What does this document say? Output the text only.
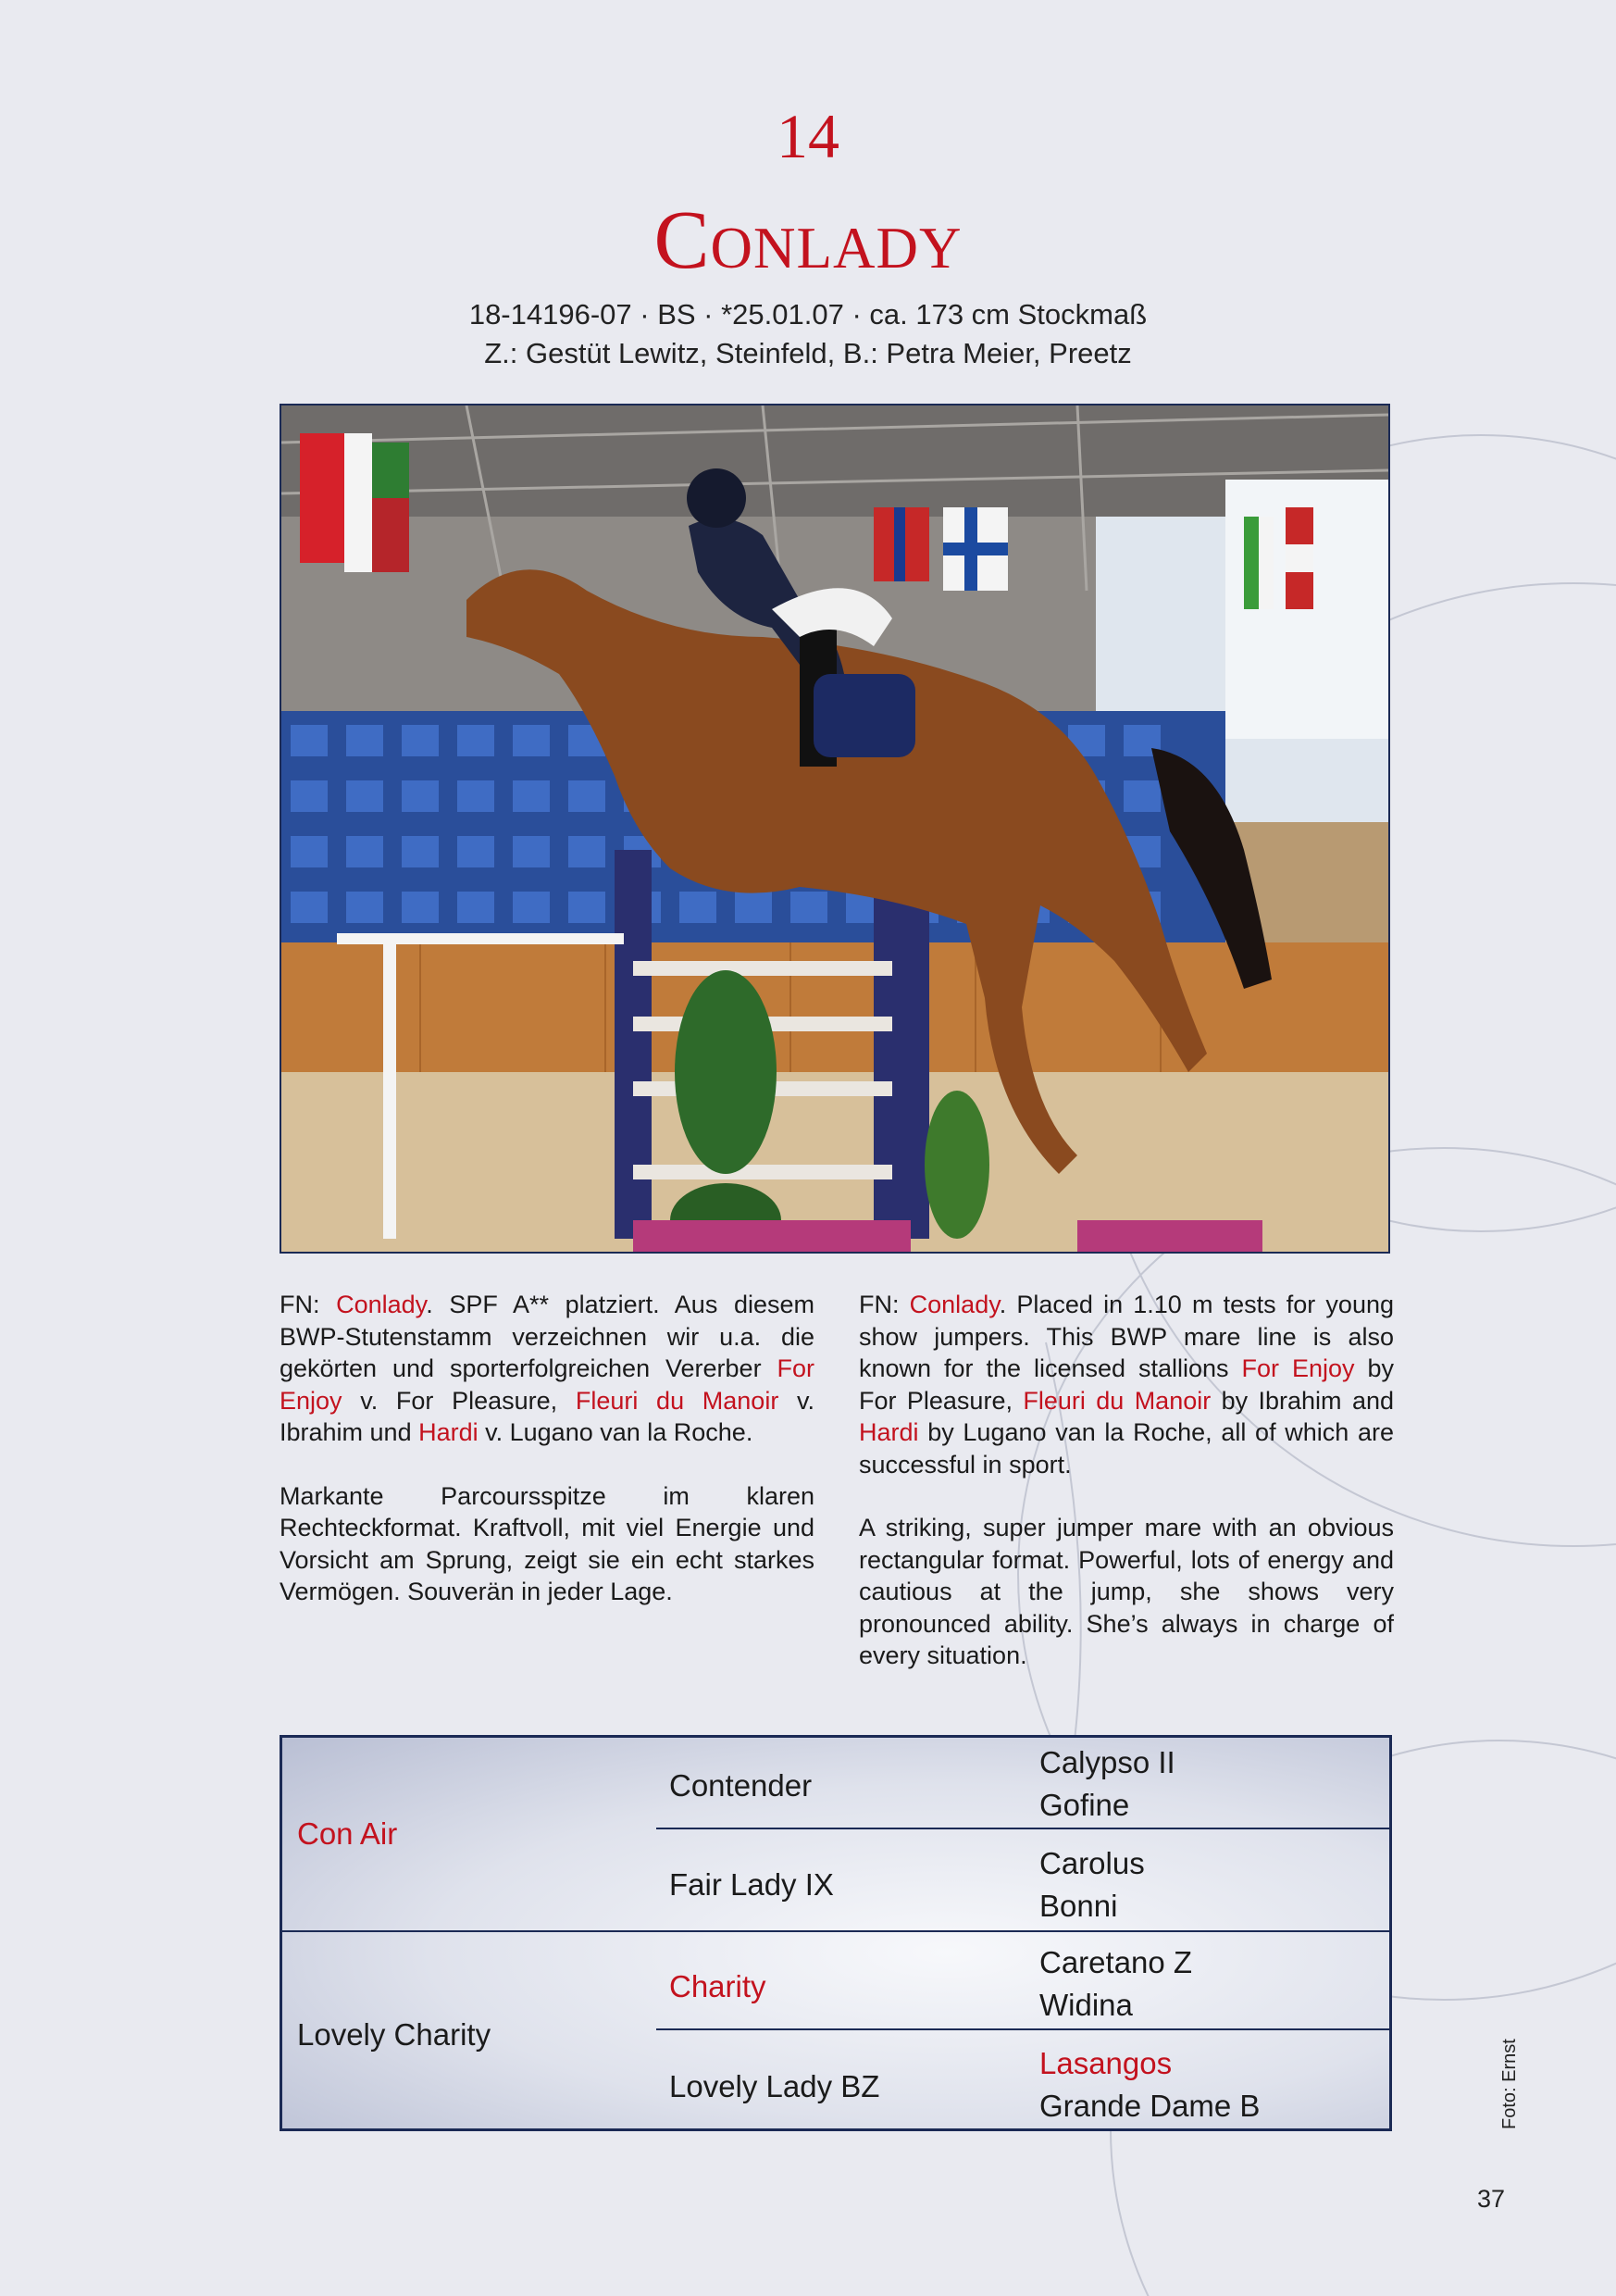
14
Conlady
18-14196-07 · BS · *25.01.07 · ca. 173 cm Stockmaß
Z.: Gestüt Lewitz, Steinfeld, B.: Petra Meier, Preetz

FN: Conlady. SPF A** platziert. Aus diesem BWP-Stutenstamm verzeichnen wir u.a. die gekörten und sporterfolgreichen Vererber For Enjoy v. For Pleasure, Fleuri du Manoir v. Ibrahim und Hardi v. Lugano van la Roche.

Markante Parcoursspitze im klaren Rechteckformat. Kraftvoll, mit viel Energie und Vorsicht am Sprung, zeigt sie ein echt starkes Vermögen. Souverän in jeder Lage.

FN: Conlady. Placed in 1.10 m tests for young show jumpers. This BWP mare line is also known for the licensed stallions For Enjoy by For Pleasure, Fleuri du Manoir by Ibrahim and Hardi by Lugano van la Roche, all of which are successful in sport.

A striking, super jumper mare with an obvious rectangular format. Powerful, lots of energy and cautious at the jump, she shows very pronounced ability. She’s always in charge of every situation.

Con Air
Lovely Charity
Contender
Fair Lady IX
Charity
Lovely Lady BZ
Calypso II
Gofine
Carolus
Bonni
Caretano Z
Widina
Lasangos
Grande Dame B	Foto: Ernst
37
